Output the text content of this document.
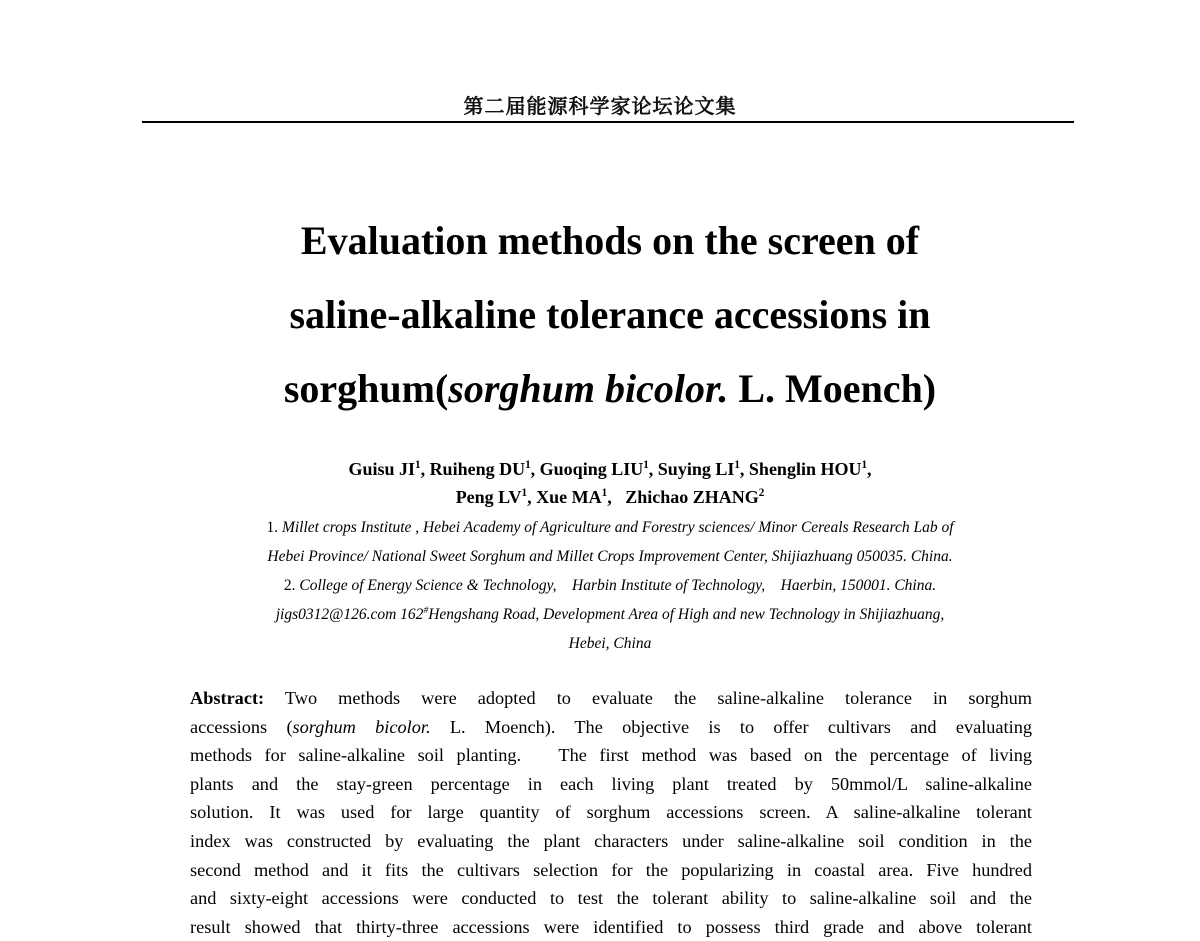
第二届能源科学家论坛论文集
Evaluation methods on the screen of
saline-alkaline tolerance accessions in
sorghum(sorghum bicolor. L. Moench)
Guisu $JI^1$, Ruiheng $DU^1$, Guoqing LIU$^1$, Suying $LI^1$, Shenglin HOU$^1$,
Peng $LV^1$, Xue $MA^1$,   Zhichao ZHANG$^2$
1. Millet crops Institute , Hebei Academy of Agriculture and Forestry sciences/ Minor Cereals Research Lab of
Hebei Province/ National Sweet Sorghum and Millet Crops Improvement Center, Shijiazhuang 050035. China.
2. College of Energy Science & Technology,    Harbin Institute of Technology,    Haerbin, 150001. China.
jigs0312@126.com 162#Hengshang Road, Development Area of High and new Technology in Shijiazhuang,
Hebei, China
Abstract: Two methods were adopted to evaluate the saline-alkaline tolerance in sorghum
accessions (sorghum bicolor. L. Moench). The objective is to offer cultivars and evaluating
methods for saline-alkaline soil planting.   The first method was based on the percentage of living
plants and the stay-green percentage in each living plant treated by 50mmol/L saline-alkaline
solution. It was used for large quantity of sorghum accessions screen. A saline-alkaline tolerant
index was constructed by evaluating the plant characters under saline-alkaline soil condition in the
second method and it fits the cultivars selection for the popularizing in coastal area. Five hundred
and sixty-eight accessions were conducted to test the tolerant ability to saline-alkaline soil and the
result showed that thirty-three accessions were identified to possess third grade and above tolerant
